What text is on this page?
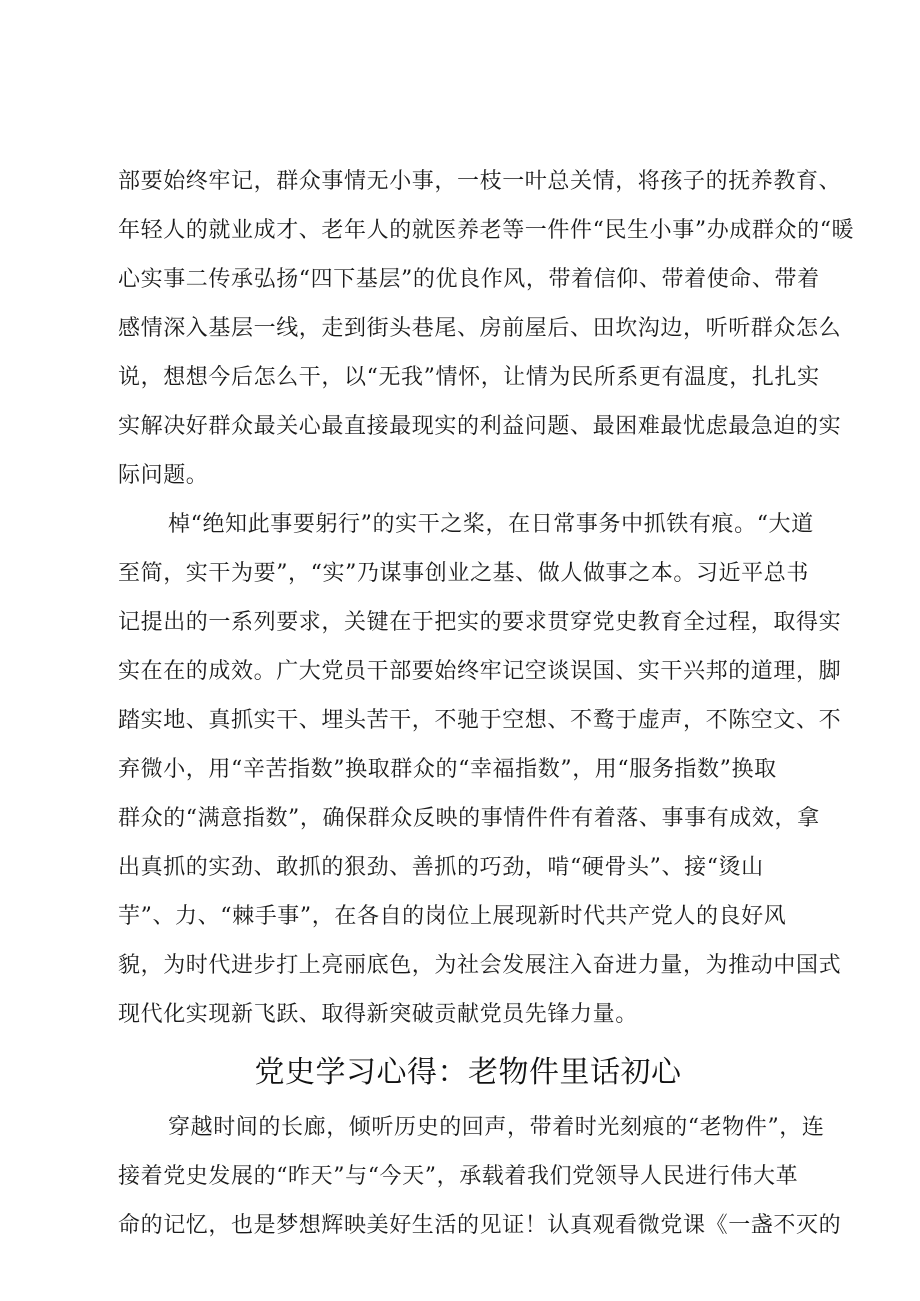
部要始终牢记，群众事情无小事，一枝一叶总关情，将孩子的抚养教育、
年轻人的就业成才、老年人的就医养老等一件件“民生小事”办成群众的“暖
心实事二传承弘扬“四下基层”的优良作风，带着信仰、带着使命、带着
感情深入基层一线，走到街头巷尾、房前屋后、田坎沟边，听听群众怎么
说，想想今后怎么干，以“无我”情怀，让情为民所系更有温度，扎扎实
实解决好群众最关心最直接最现实的利益问题、最困难最忧虑最急迫的实
际问题。
棹“绝知此事要躬行”的实干之桨，在日常事务中抓铁有痕。“大道
至简，实干为要”，“实”乃谋事创业之基、做人做事之本。习近平总书
记提出的一系列要求，关键在于把实的要求贯穿党史教育全过程，取得实
实在在的成效。广大党员干部要始终牢记空谈误国、实干兴邦的道理，脚
踏实地、真抓实干、埋头苦干，不驰于空想、不鹜于虚声，不陈空文、不
弃微小，用“辛苦指数”换取群众的“幸福指数”，用“服务指数”换取
群众的“满意指数”，确保群众反映的事情件件有着落、事事有成效，拿
出真抓的实劲、敢抓的狠劲、善抓的巧劲，啃“硬骨头”、接“烫山
芋”、力、“棘手事”，在各自的岗位上展现新时代共产党人的良好风
貌，为时代进步打上亮丽底色，为社会发展注入奋进力量，为推动中国式
现代化实现新飞跃、取得新突破贡献党员先锋力量。
党史学习心得：老物件里话初心
穿越时间的长廊，倾听历史的回声，带着时光刻痕的“老物件”，连
接着党史发展的“昨天”与“今天”，承载着我们党领导人民进行伟大革
命的记忆，也是梦想辉映美好生活的见证！认真观看微党课《一盏不灭的
